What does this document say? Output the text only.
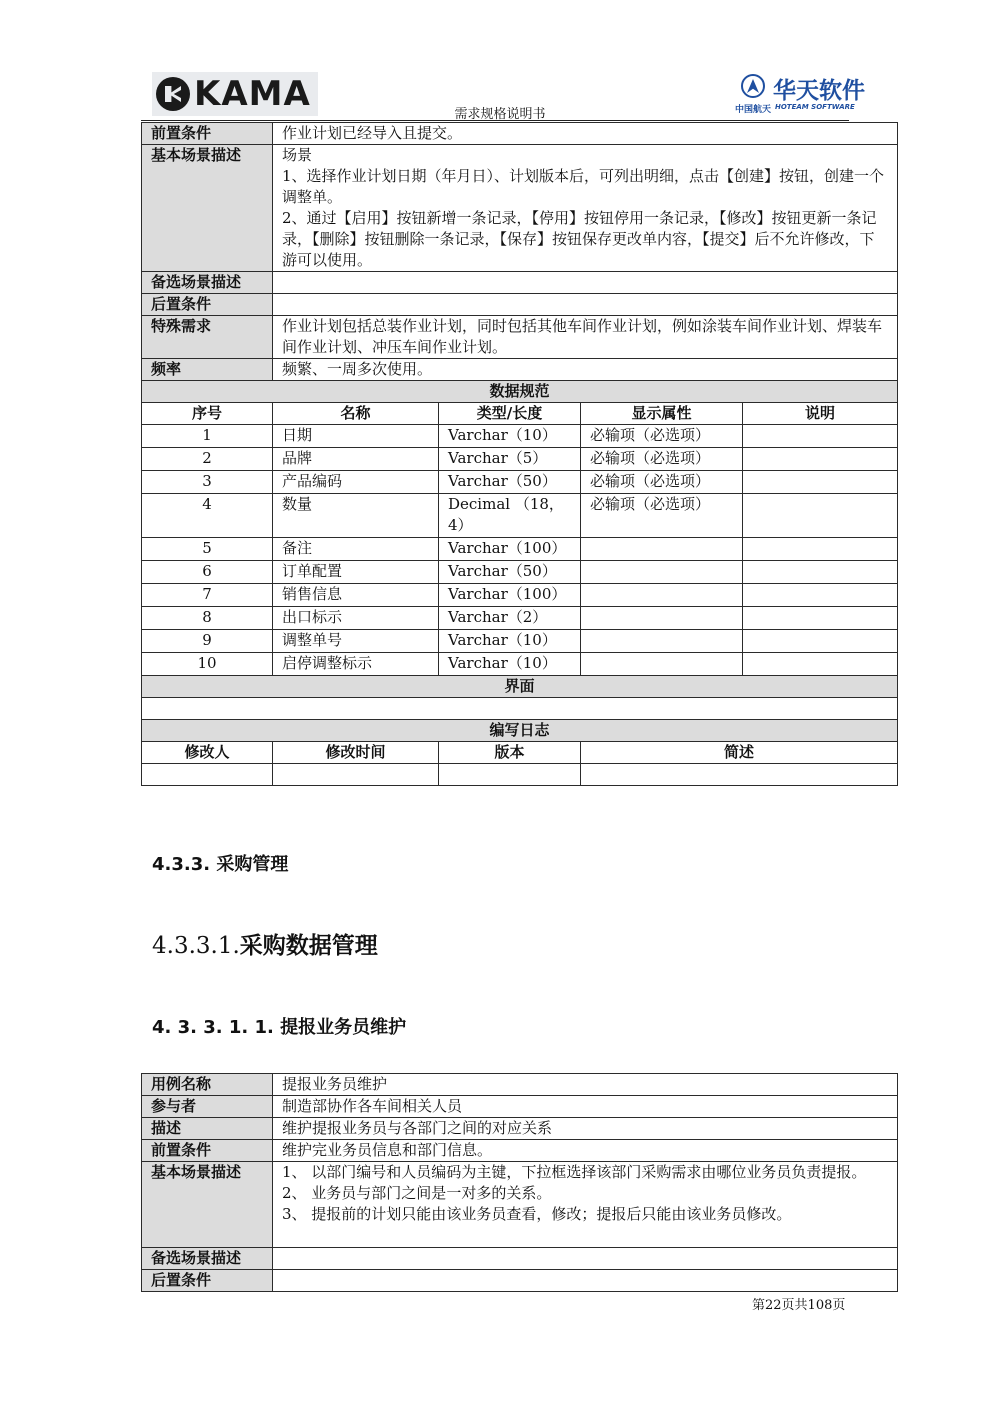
KAMA	华天软件
中国航天 HOTEAM SOFTWARE
需求规格说明书
前置条件	作业计划已经导入且提交。			
基本场景描述	场景
1、选择作业计划日期（年月日）、计划版本后，可列出明细，点击【创建】按钮，创建一个调整单。
2、通过【启用】按钮新增一条记录，【停用】按钮停用一条记录，【修改】按钮更新一条记录，【删除】按钮删除一条记录，【保存】按钮保存更改单内容，【提交】后不允许修改，下游可以使用。			

备选场景描述				
后置条件				
特殊需求	作业计划包括总装作业计划，同时包括其他车间作业计划，例如涂装车间作业计划、焊装车间作业计划、冲压车间作业计划。			
频率	频繁、一周多次使用。			
数据规范				
序号	名称	类型/长度	显示属性	说明
1	日期	Varchar（10）	必输项（必选项）	
2	品牌	Varchar（5）	必输项（必选项）	
3	产品编码	Varchar（50）	必输项（必选项）	
4	数量	Decimal （18，4）	必输项（必选项）	
5	备注	Varchar（100）		
6	订单配置	Varchar（50）		
7	销售信息	Varchar（100）		
8	出口标示	Varchar（2）		
9	调整单号	Varchar（10）		
10	启停调整标示	Varchar（10）		
界面				

编写日志				
修改人	修改时间	版本	简述	

4.3.3. 采购管理
4.3.3.1.采购数据管理
4. 3. 3. 1. 1. 提报业务员维护
用例名称	提报业务员维护
参与者	制造部协作各车间相关人员
描述	维护提报业务员与各部门之间的对应关系
前置条件	维护完业务员信息和部门信息。
基本场景描述	1、 以部门编号和人员编码为主键，下拉框选择该部门采购需求由哪位业务员负责提报。
2、 业务员与部门之间是一对多的关系。
3、 提报前的计划只能由该业务员查看，修改；提报后只能由该业务员修改。

备选场景描述	
后置条件	
第22页共108页
